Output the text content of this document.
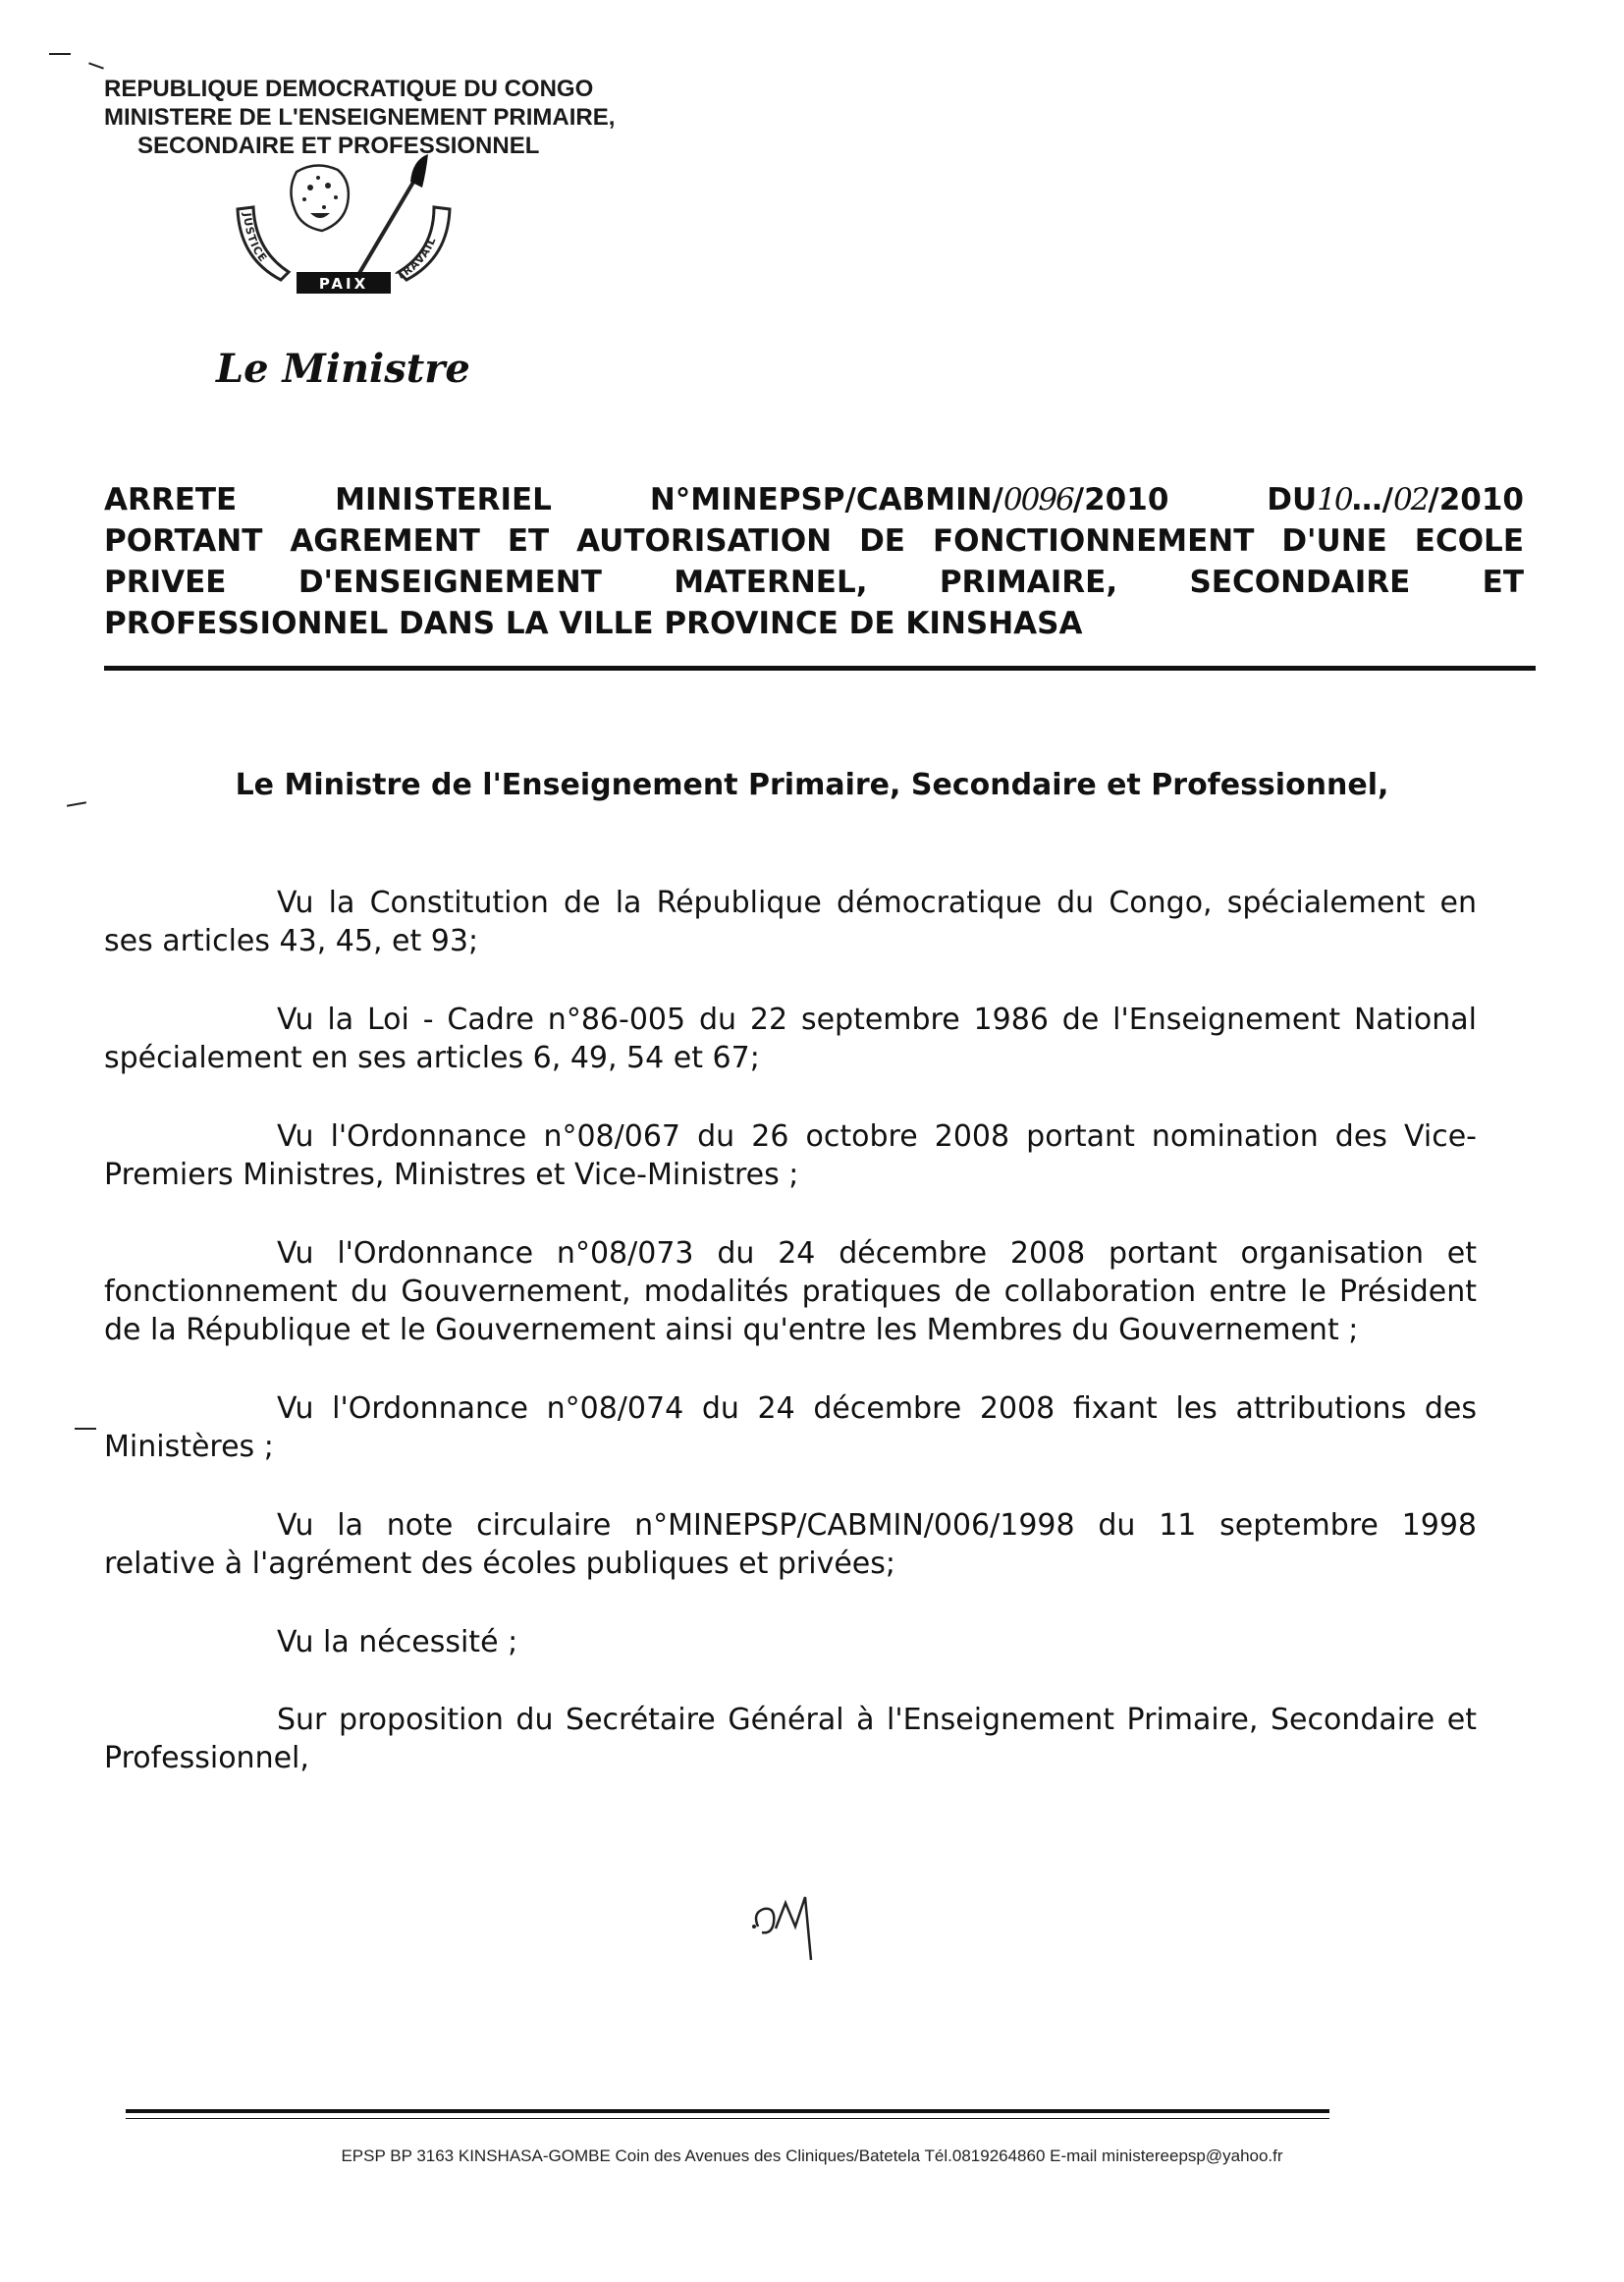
REPUBLIQUE DEMOCRATIQUE DU CONGO
MINISTERE DE L'ENSEIGNEMENT PRIMAIRE,
SECONDAIRE ET PROFESSIONNEL
PAIX
JUSTICE
TRAVAIL
Le Ministre
ARRETE	MINISTERIEL	N°MINEPSP/CABMIN/0096/2010	DU10…/02/2010
PORTANT AGREMENT ET AUTORISATION DE FONCTIONNEMENT D'UNE ECOLE
PRIVEE D'ENSEIGNEMENT MATERNEL, PRIMAIRE, SECONDAIRE ET
PROFESSIONNEL DANS LA VILLE PROVINCE DE KINSHASA
Le Ministre de l'Enseignement Primaire, Secondaire et Professionnel,

Vu la Constitution de la République démocratique du Congo, spécialement en ses articles 43, 45, et 93;

Vu la Loi - Cadre n°86-005 du 22 septembre 1986 de l'Enseignement National spécialement en ses articles 6, 49, 54 et 67;

Vu l'Ordonnance n°08/067 du 26 octobre 2008 portant nomination des Vice-Premiers Ministres, Ministres et Vice-Ministres ;

Vu l'Ordonnance n°08/073 du 24 décembre 2008 portant organisation et fonctionnement du Gouvernement, modalités pratiques de collaboration entre le Président de la République et le Gouvernement ainsi qu'entre les Membres du Gouvernement ;

Vu l'Ordonnance n°08/074 du 24 décembre 2008 fixant les attributions des Ministères ;

Vu la note circulaire n°MINEPSP/CABMIN/006/1998 du 11 septembre 1998 relative à l'agrément des écoles publiques et privées;

Vu la nécessité ;

Sur proposition du Secrétaire Général à l'Enseignement Primaire, Secondaire et Professionnel,

EPSP BP 3163 KINSHASA-GOMBE Coin des Avenues des Cliniques/Batetela Tél.0819264860 E-mail ministereepsp@yahoo.fr
